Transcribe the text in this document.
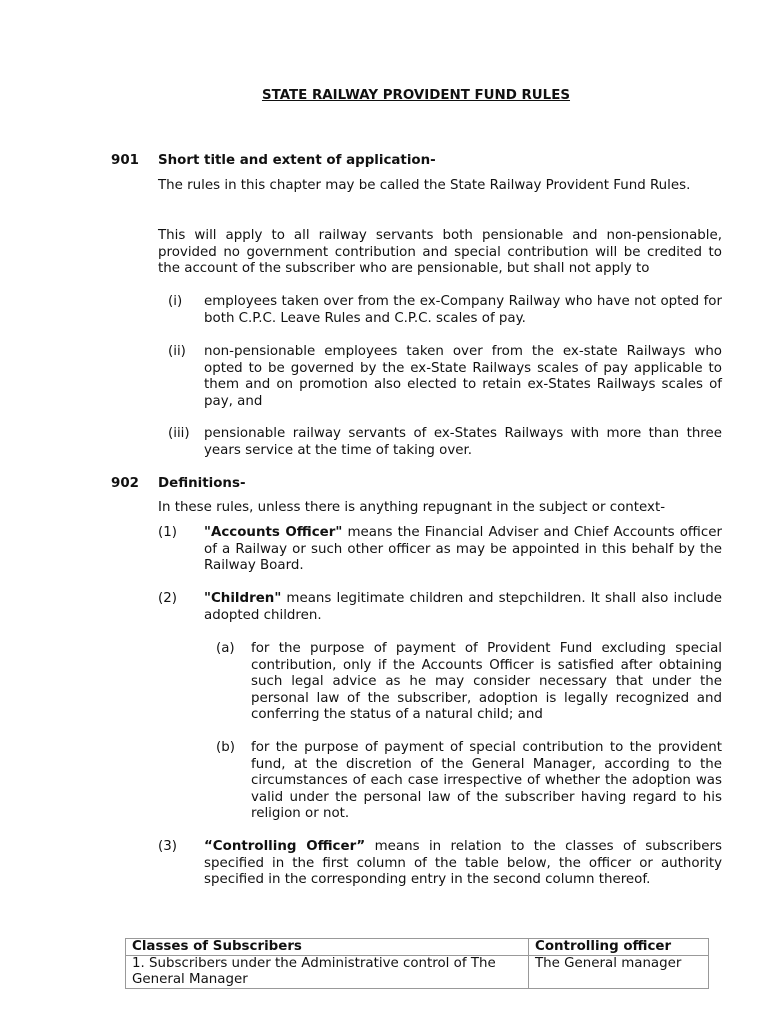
STATE RAILWAY PROVIDENT FUND RULES
901 Short title and extent of application-
The rules in this chapter may be called the State Railway Provident Fund Rules.
This will apply to all railway servants both pensionable and non-pensionable, provided no government contribution and special contribution will be credited to the account of the subscriber who are pensionable, but shall not apply to
(i) employees taken over from the ex-Company Railway who have not opted for both C.P.C. Leave Rules and C.P.C. scales of pay.
(ii) non-pensionable employees taken over from the ex-state Railways who opted to be governed by the ex-State Railways scales of pay applicable to them and on promotion also elected to retain ex-States Railways scales of pay, and
(iii) pensionable railway servants of ex-States Railways with more than three years service at the time of taking over.
902 Definitions-
In these rules, unless there is anything repugnant in the subject or context-
(1) "Accounts Officer" means the Financial Adviser and Chief Accounts officer of a Railway or such other officer as may be appointed in this behalf by the Railway Board.
(2) "Children" means legitimate children and stepchildren. It shall also include adopted children.
(a) for the purpose of payment of Provident Fund excluding special contribution, only if the Accounts Officer is satisfied after obtaining such legal advice as he may consider necessary that under the personal law of the subscriber, adoption is legally recognized and conferring the status of a natural child; and
(b) for the purpose of payment of special contribution to the provident fund, at the discretion of the General Manager, according to the circumstances of each case irrespective of whether the adoption was valid under the personal law of the subscriber having regard to his religion or not.
(3) “Controlling Officer” means in relation to the classes of subscribers specified in the first column of the table below, the officer or authority specified in the corresponding entry in the second column thereof.
Classes of Subscribers	Controlling officer
1. Subscribers under the Administrative control of The General Manager	The General manager
